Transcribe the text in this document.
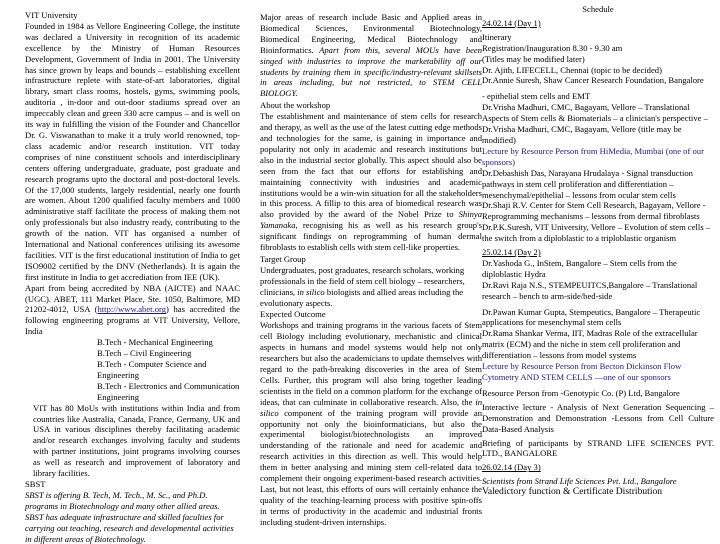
VIT University

Founded in 1984 as Vellore Engineering College, the institute was declared a University in recognition of its academic excellence by the Ministry of Human Resources Development, Government of India in 2001. The University has since grown by leaps and bounds – establishing excellent infrastructure replete with state-of-art laboratories, digital library, smart class rooms, hostels, gyms, swimming pools, auditoria , in-door and out-door stadiums spread over an impeccably clean and green 330 acre campus – and is well on its way in fulfilling the vision of the Founder and Chancellor Dr. G. Viswanathan to make it a truly world renowned, top-class academic and/or research institution. VIT today comprises of nine constituent schools and interdisciplinary centers offering undergraduate, graduate, post graduate and research programs upto the doctoral and post-doctoral levels. Of the 17,000 students, largely residential, nearly one fourth are women. About 1200 qualified faculty members and 1000 administrative staff facilitate the process of making them not only professionals but also industry ready, contributing to the growth of the nation. VIT has organised a number of International and National conferences utilising its awesome facilities. VIT is the first educational institution of India to get ISO9002 certified by the DNV (Netherlands). It is again the first institute in India to get accrediation from IEE (UK).

Apart from being accredited by NBA (AICTE) and NAAC (UGC). ABET, 111 Market Place, Ste. 1050, Baltimore, MD 21202-4012, USA (http://www.abet.org) has accredited the following engineering programs at VIT University, Vellore, India

B.Tech - Mechanical Engineering

B.Tech – Civil Engineering

B.Tech - Computer Science and Engineering

B.Tech - Electronics and Communication Engineering

VIT has 80 MoUs with institutions within India and from countries like Australia, Canada, France, Germany, UK and USA in various disciplines thereby facilitating academic and/or research exchanges involving faculty and students with partner institutions, joint programs involving courses as well as research and improvement of laboratory and library facilities.

SBST

SBST is offering B. Tech, M. Tech., M. Sc., and Ph.D. programs in Biotechnology and many other allied areas. SBST has adequate infrastructure and skilled faculties for carrying out teaching, research and developmental activities in different areas of Biotechnology.

Major areas of research include Basic and Applied areas in Biomedical Sciences, Environmental Biotechnology, Biomedical Engineering, Medical Biotechnology and Bioinformatics. Apart from this, several MOUs have been singed with industries to improve the marketability off our students by training them in specific/industry-relevant skillsets in areas including, but not restricted, to STEM CELL BIOLOGY.

About the workshop

The establishment and maintenance of stem cells for research and therapy, as well as the use of the latest cutting edge methods and technologies for the same, is gaining in importance and popularity not only in academic and research institutions but also in the industrial sector globally. This aspect should also be seen from the fact that our efforts for establishing and maintaining connectivity with industries and academic institutions would be a win-win situation for all the stakeholders in this process. A fillip to this area of biomedical research was also provided by the award of the Nobel Prize to Shinya Yamanaka, recognising his as well as his research group's significant findings on reprogramming of human dermal fibroblasts to establish cells with stem cell-like properties.

Target Group

Undergraduates, post graduates, research scholars, working professionals in the field of stem cell biology – researchers, clinicians, in silico biologists and allied areas including the evolutionary aspects.

Expected Outcome

Workshops and training programs in the various facets of Stem cell Biology including evolutionary, mechanistic and clinical aspects in humans and model systems would help not only researchers but also the academicians to update themselves with regard to the path-breaking discoveries in the area of Stem Cells. Further, this program will also bring together leading scientists in the field on a common platform for the exchange of ideas, that can culminate in collaborative research. Also, the in silico component of the training program will provide an opportunity not only the bioinformaticians, but also the experimental biologist/biotechnologists an improved understanding of the rationale and need for academic and research activities in this direction as well. This would help them in better analysing and mining stem cell-related data to complement their ongoing experiment-based research activities. Last, but not least, this efforts of ours will certainly enhance the quality of the teaching-learning process with positive spin-offs in terms of productivity in the academic and industrial fronts including student-driven internships.

Schedule

24.02.14 (Day 1)

Itinerary

Registration/Inauguration 8.30 - 9.30 am

(Titles may be modified later)

Dr. Ajith, LIFECELL, Chennai (topic to be decided)

Dr.Annie Suresh, Shaw Cancer Research Foundation, Bangalore

- epithelial stem cells and EMT

Dr.Vrisha Madhuri, CMC, Bagayam, Vellore – Translational Aspects of Stem cells & Biomaterials – a clinician's perspective –Dr.Vrisha Madhuri, CMC, Bagayam, Vellore (title may be modified)

Lecture by Resource Person from HiMedia, Mumbai (one of our sponsors)

Dr.Debashish Das, Narayana Hrudalaya - Signal transduction pathways in stem cell proliferation and differentiation – mesenchymal/epithelial – lessons from ocular stem cells

Dr.Shaji R.V. Center for Stem Cell Research, Bagayam, Vellore - Reprogramming mechanisms – lessons from dermal fibroblasts

Dr.P.K.Suresh, VIT University, Vellore – Evolution of stem cells – the switch from a diploblastic to a triploblastic organism

25.02.14 (Day 2)

Dr.Yashoda G., InStem, Bangalore – Stem cells from the diploblastic Hydra

Dr.Ravi Raja N.S., STEMPEUITCS,Bangalore – Translational research – bench to arm-side/bed-side

Dr.Pawan Kumar Gupta, Stempeutics, Bangalore – Therapeutic applications for mesenchymal stem cells

Dr.Rama Shankar Verma, IIT, Madras Role of the extracellular matrix (ECM) and the niche in stem cell proliferation and differentiation – lessons from model systems

Lecture by Resource Person from Becton Dickinson Flow Cytometry AND STEM CELLS —one of our sponsors

Resource Person from -Genotypic Co. (P) Ltd, Bangalore

Interactive lecture - Analysis of Next Generation Sequencing – Demonstration and Demonstration -Lessons from Cell Culture Data-Based Analysis

Briefing of participants by STRAND LIFE SCIENCES PVT. LTD., BANGALORE

26.02.14 (Day 3)

Scientists from Strand Life Sciences Pvt. Ltd., Bangalore

Valedictory function & Certificate Distribution
